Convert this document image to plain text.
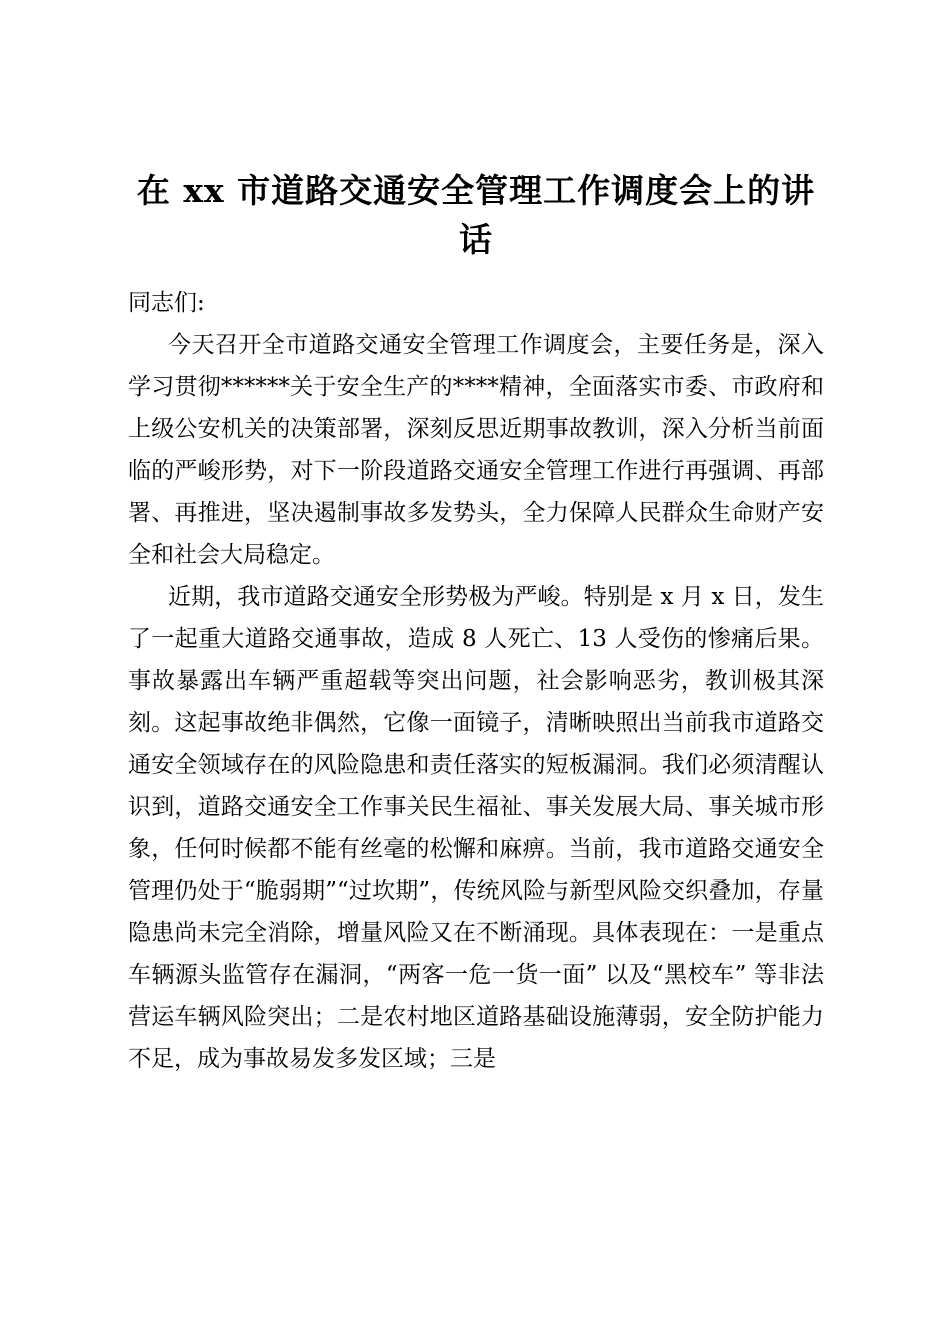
在 xx 市道路交通安全管理工作调度会上的讲话

同志们:

今天召开全市道路交通安全管理工作调度会，主要任务是，深入学习贯彻******关于安全生产的****精神，全面落实市委、市政府和上级公安机关的决策部署，深刻反思近期事故教训，深入分析当前面临的严峻形势，对下一阶段道路交通安全管理工作进行再强调、再部署、再推进，坚决遏制事故多发势头，全力保障人民群众生命财产安全和社会大局稳定。

近期，我市道路交通安全形势极为严峻。特别是 x 月 x 日，发生了一起重大道路交通事故，造成 8 人死亡、13 人受伤的惨痛后果。事故暴露出车辆严重超载等突出问题，社会影响恶劣，教训极其深刻。这起事故绝非偶然，它像一面镜子，清晰映照出当前我市道路交通安全领域存在的风险隐患和责任落实的短板漏洞。我们必须清醒认识到，道路交通安全工作事关民生福祉、事关发展大局、事关城市形象，任何时候都不能有丝毫的松懈和麻痹。当前，我市道路交通安全管理仍处于“脆弱期”“过坎期”，传统风险与新型风险交织叠加，存量隐患尚未完全消除，增量风险又在不断涌现。具体表现在：一是重点车辆源头监管存在漏洞，“两客一危一货一面” 以及“黑校车” 等非法营运车辆风险突出；二是农村地区道路基础设施薄弱，安全防护能力不足，成为事故易发多发区域；三是
